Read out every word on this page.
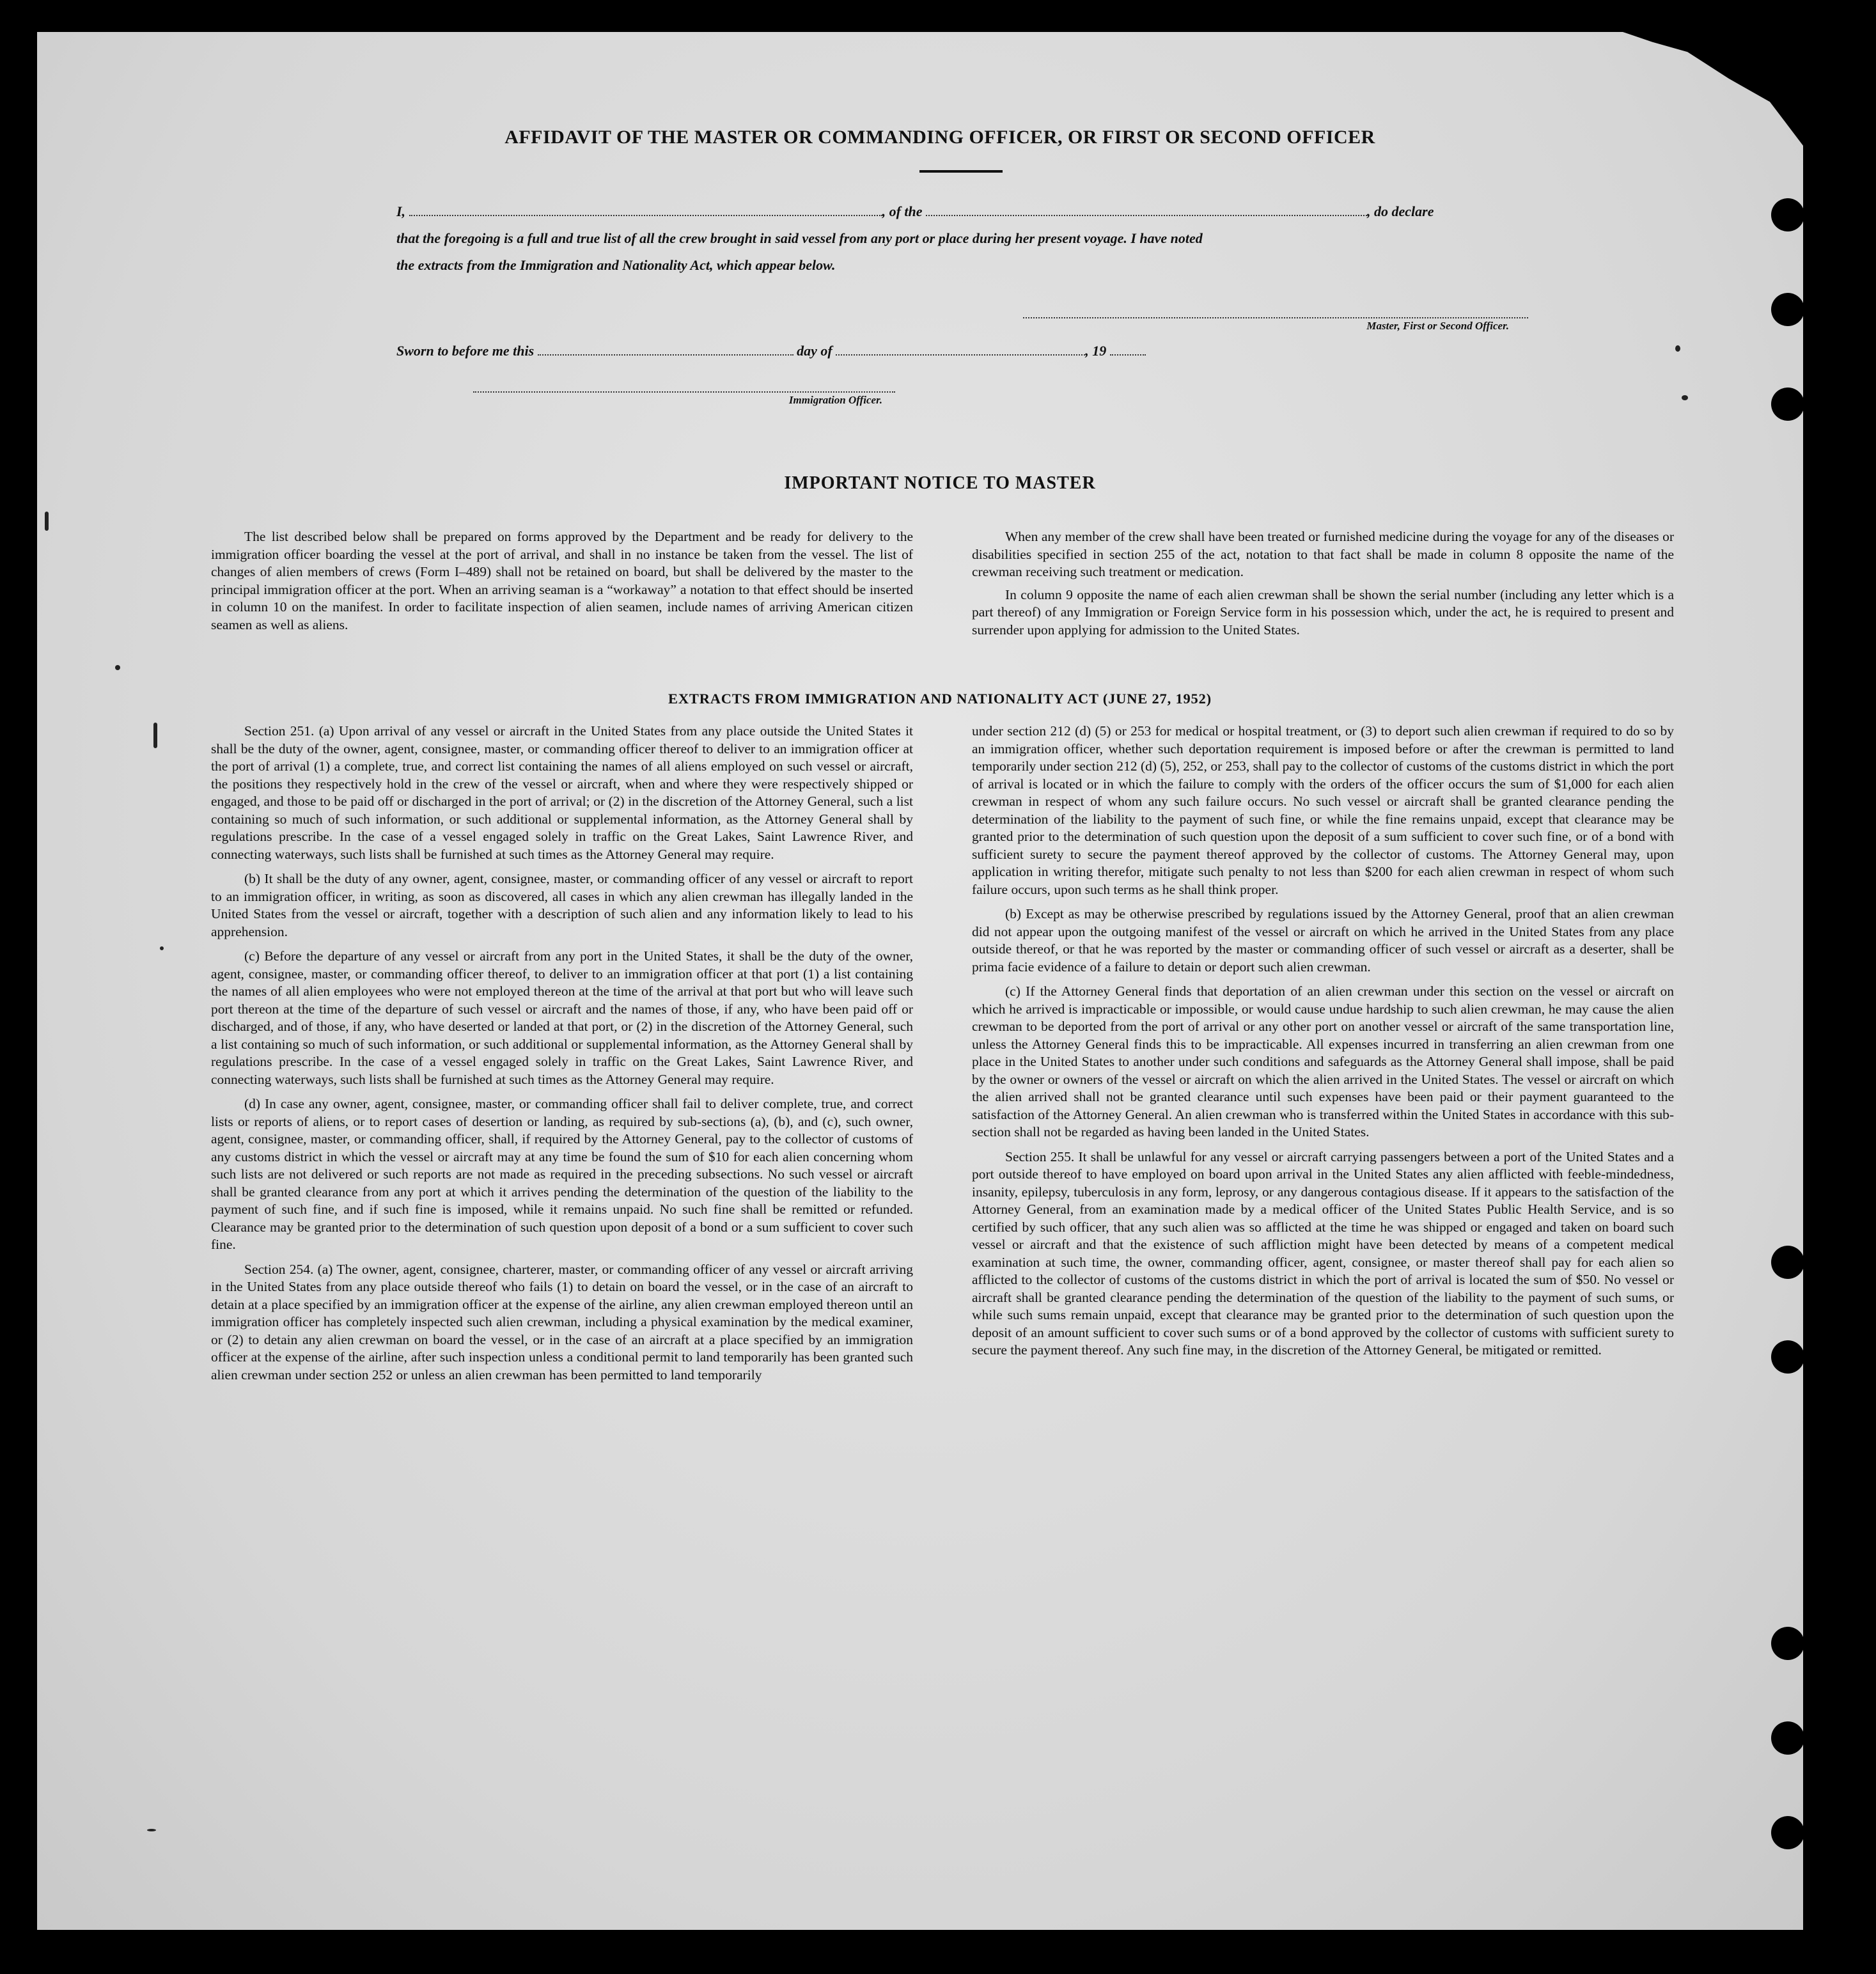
AFFIDAVIT OF THE MASTER OR COMMANDING OFFICER, OR FIRST OR SECOND OFFICER
I,	, of the	, do declare
that the foregoing is a full and true list of all the crew brought in said vessel from any port or place during her present voyage. I have noted
the extracts from the Immigration and Nationality Act, which appear below.
Master, First or Second Officer.
Sworn to before me this	day of	, 19
Immigration Officer.
IMPORTANT NOTICE TO MASTER

The list described below shall be prepared on forms approved by the Department and be ready for delivery to the immigration officer boarding the vessel at the port of arrival, and shall in no instance be taken from the vessel. The list of changes of alien members of crews (Form I–489) shall not be retained on board, but shall be delivered by the master to the principal immigration officer at the port. When an arriving seaman is a “workaway” a notation to that effect should be inserted in column 10 on the manifest. In order to facilitate inspection of alien seamen, include names of arriving American citizen seamen as well as aliens.

When any member of the crew shall have been treated or furnished medicine during the voyage for any of the diseases or disabilities specified in section 255 of the act, notation to that fact shall be made in column 8 opposite the name of the crewman receiving such treatment or medication.

In column 9 opposite the name of each alien crewman shall be shown the serial number (including any letter which is a part thereof) of any Immigration or Foreign Service form in his possession which, under the act, he is required to present and surrender upon applying for admission to the United States.

EXTRACTS FROM IMMIGRATION AND NATIONALITY ACT (JUNE 27, 1952)

Section 251. (a) Upon arrival of any vessel or aircraft in the United States from any place outside the United States it shall be the duty of the owner, agent, consignee, master, or commanding officer thereof to deliver to an immigration officer at the port of arrival (1) a complete, true, and correct list containing the names of all aliens employed on such vessel or aircraft, the positions they respectively hold in the crew of the vessel or aircraft, when and where they were respectively shipped or engaged, and those to be paid off or discharged in the port of arrival; or (2) in the discretion of the Attorney General, such a list containing so much of such information, or such additional or supplemental information, as the Attorney General shall by regulations prescribe. In the case of a vessel engaged solely in traffic on the Great Lakes, Saint Lawrence River, and connecting waterways, such lists shall be furnished at such times as the Attorney General may require.

(b) It shall be the duty of any owner, agent, consignee, master, or commanding officer of any vessel or aircraft to report to an immigration officer, in writing, as soon as discovered, all cases in which any alien crewman has illegally landed in the United States from the vessel or aircraft, together with a description of such alien and any information likely to lead to his apprehension.

(c) Before the departure of any vessel or aircraft from any port in the United States, it shall be the duty of the owner, agent, consignee, master, or commanding officer thereof, to deliver to an immigration officer at that port (1) a list containing the names of all alien employees who were not employed thereon at the time of the arrival at that port but who will leave such port thereon at the time of the departure of such vessel or aircraft and the names of those, if any, who have been paid off or discharged, and of those, if any, who have deserted or landed at that port, or (2) in the discretion of the Attorney General, such a list containing so much of such information, or such additional or supplemental information, as the Attorney General shall by regulations prescribe. In the case of a vessel engaged solely in traffic on the Great Lakes, Saint Lawrence River, and connecting waterways, such lists shall be furnished at such times as the Attorney General may require.

(d) In case any owner, agent, consignee, master, or commanding officer shall fail to deliver complete, true, and correct lists or reports of aliens, or to report cases of desertion or landing, as required by sub-sections (a), (b), and (c), such owner, agent, consignee, master, or commanding officer, shall, if required by the Attorney General, pay to the collector of customs of any customs district in which the vessel or aircraft may at any time be found the sum of $10 for each alien concerning whom such lists are not delivered or such reports are not made as required in the preceding subsections. No such vessel or aircraft shall be granted clearance from any port at which it arrives pending the determination of the question of the liability to the payment of such fine, and if such fine is imposed, while it remains unpaid. No such fine shall be remitted or refunded. Clearance may be granted prior to the determination of such question upon deposit of a bond or a sum sufficient to cover such fine.

Section 254. (a) The owner, agent, consignee, charterer, master, or commanding officer of any vessel or aircraft arriving in the United States from any place outside thereof who fails (1) to detain on board the vessel, or in the case of an aircraft to detain at a place specified by an immigration officer at the expense of the airline, any alien crewman employed thereon until an immigration officer has completely inspected such alien crewman, including a physical examination by the medical examiner, or (2) to detain any alien crewman on board the vessel, or in the case of an aircraft at a place specified by an immigration officer at the expense of the airline, after such inspection unless a conditional permit to land temporarily has been granted such alien crewman under section 252 or unless an alien crewman has been permitted to land temporarily

under section 212 (d) (5) or 253 for medical or hospital treatment, or (3) to deport such alien crewman if required to do so by an immigration officer, whether such deportation requirement is imposed before or after the crewman is permitted to land temporarily under section 212 (d) (5), 252, or 253, shall pay to the collector of customs of the customs district in which the port of arrival is located or in which the failure to comply with the orders of the officer occurs the sum of $1,000 for each alien crewman in respect of whom any such failure occurs. No such vessel or aircraft shall be granted clearance pending the determination of the liability to the payment of such fine, or while the fine remains unpaid, except that clearance may be granted prior to the determination of such question upon the deposit of a sum sufficient to cover such fine, or of a bond with sufficient surety to secure the payment thereof approved by the collector of customs. The Attorney General may, upon application in writing therefor, mitigate such penalty to not less than $200 for each alien crewman in respect of whom such failure occurs, upon such terms as he shall think proper.

(b) Except as may be otherwise prescribed by regulations issued by the Attorney General, proof that an alien crewman did not appear upon the outgoing manifest of the vessel or aircraft on which he arrived in the United States from any place outside thereof, or that he was reported by the master or commanding officer of such vessel or aircraft as a deserter, shall be prima facie evidence of a failure to detain or deport such alien crewman.

(c) If the Attorney General finds that deportation of an alien crewman under this section on the vessel or aircraft on which he arrived is impracticable or impossible, or would cause undue hardship to such alien crewman, he may cause the alien crewman to be deported from the port of arrival or any other port on another vessel or aircraft of the same transportation line, unless the Attorney General finds this to be impracticable. All expenses incurred in transferring an alien crewman from one place in the United States to another under such conditions and safeguards as the Attorney General shall impose, shall be paid by the owner or owners of the vessel or aircraft on which the alien arrived in the United States. The vessel or aircraft on which the alien arrived shall not be granted clearance until such expenses have been paid or their payment guaranteed to the satisfaction of the Attorney General. An alien crewman who is transferred within the United States in accordance with this sub-section shall not be regarded as having been landed in the United States.

Section 255. It shall be unlawful for any vessel or aircraft carrying passengers between a port of the United States and a port outside thereof to have employed on board upon arrival in the United States any alien afflicted with feeble-mindedness, insanity, epilepsy, tuberculosis in any form, leprosy, or any dangerous contagious disease. If it appears to the satisfaction of the Attorney General, from an examination made by a medical officer of the United States Public Health Service, and is so certified by such officer, that any such alien was so afflicted at the time he was shipped or engaged and taken on board such vessel or aircraft and that the existence of such affliction might have been detected by means of a competent medical examination at such time, the owner, commanding officer, agent, consignee, or master thereof shall pay for each alien so afflicted to the collector of customs of the customs district in which the port of arrival is located the sum of $50. No vessel or aircraft shall be granted clearance pending the determination of the question of the liability to the payment of such sums, or while such sums remain unpaid, except that clearance may be granted prior to the determination of such question upon the deposit of an amount sufficient to cover such sums or of a bond approved by the collector of customs with sufficient surety to secure the payment thereof. Any such fine may, in the discretion of the Attorney General, be mitigated or remitted.
